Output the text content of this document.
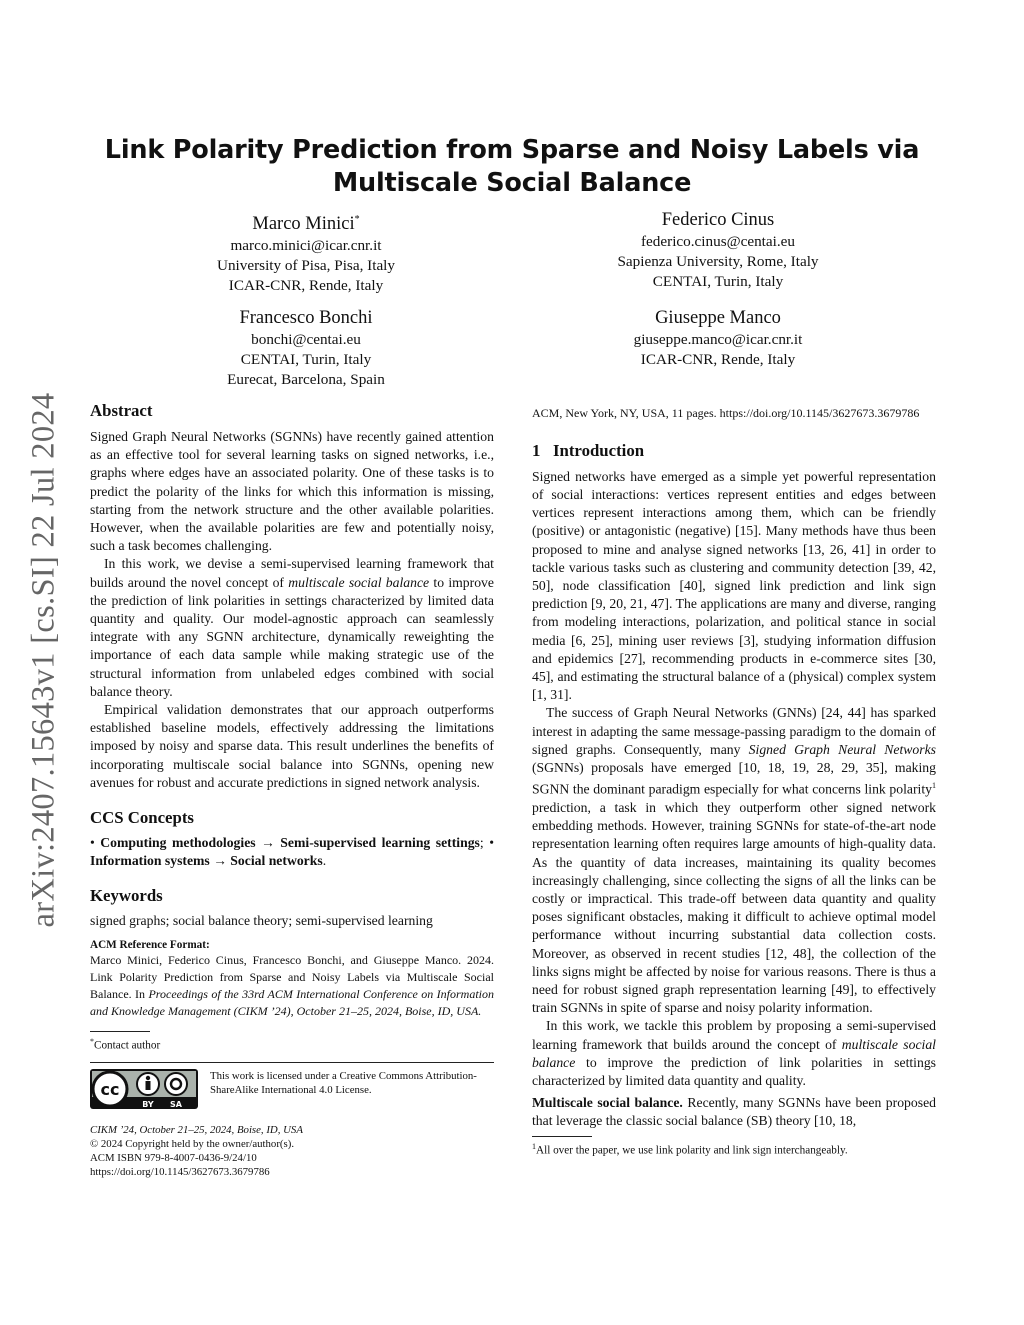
arXiv:2407.15643v1 [cs.SI] 22 Jul 2024
Link Polarity Prediction from Sparse and Noisy Labels via
Multiscale Social Balance
Marco Minici*
marco.minici@icar.cnr.it
University of Pisa, Pisa, Italy
ICAR-CNR, Rende, Italy
Federico Cinus
federico.cinus@centai.eu
Sapienza University, Rome, Italy
CENTAI, Turin, Italy
Francesco Bonchi
bonchi@centai.eu
CENTAI, Turin, Italy
Eurecat, Barcelona, Spain
Giuseppe Manco
giuseppe.manco@icar.cnr.it
ICAR-CNR, Rende, Italy
Abstract

Signed Graph Neural Networks (SGNNs) have recently gained attention as an effective tool for several learning tasks on signed networks, i.e., graphs where edges have an associated polarity. One of these tasks is to predict the polarity of the links for which this information is missing, starting from the network structure and the other available polarities. However, when the available polarities are few and potentially noisy, such a task becomes challenging.

In this work, we devise a semi-supervised learning framework that builds around the novel concept of multiscale social balance to improve the prediction of link polarities in settings characterized by limited data quantity and quality. Our model-agnostic approach can seamlessly integrate with any SGNN architecture, dynamically reweighting the importance of each data sample while making strategic use of the structural information from unlabeled edges combined with social balance theory.

Empirical validation demonstrates that our approach outperforms established baseline models, effectively addressing the limitations imposed by noisy and sparse data. This result underlines the benefits of incorporating multiscale social balance into SGNNs, opening new avenues for robust and accurate predictions in signed network analysis.

CCS Concepts

• Computing methodologies → Semi-supervised learning settings; • Information systems → Social networks.

Keywords

signed graphs; social balance theory; semi-supervised learning

ACM Reference Format:
Marco Minici, Federico Cinus, Francesco Bonchi, and Giuseppe Manco. 2024. Link Polarity Prediction from Sparse and Noisy Labels via Multiscale Social Balance. In Proceedings of the 33rd ACM International Conference on Information and Knowledge Management (CIKM ’24), October 21–25, 2024, Boise, ID, USA.
*Contact author
cc
BY SA
This work is licensed under a Creative Commons Attribution-ShareAlike International 4.0 License.
CIKM ’24, October 21–25, 2024, Boise, ID, USA
© 2024 Copyright held by the owner/author(s).
ACM ISBN 979-8-4007-0436-9/24/10
https://doi.org/10.1145/3627673.3679786
ACM, New York, NY, USA, 11 pages. https://doi.org/10.1145/3627673.3679786
1 Introduction

Signed networks have emerged as a simple yet powerful representation of social interactions: vertices represent entities and edges between vertices represent interactions among them, which can be friendly (positive) or antagonistic (negative) [15]. Many methods have thus been proposed to mine and analyse signed networks [13, 26, 41] in order to tackle various tasks such as clustering and community detection [39, 42, 50], node classification [40], signed link prediction and link sign prediction [9, 20, 21, 47]. The applications are many and diverse, ranging from modeling interactions, polarization, and political stance in social media [6, 25], mining user reviews [3], studying information diffusion and epidemics [27], recommending products in e-commerce sites [30, 45], and estimating the structural balance of a (physical) complex system [1, 31].

The success of Graph Neural Networks (GNNs) [24, 44] has sparked interest in adapting the same message-passing paradigm to the domain of signed graphs. Consequently, many Signed Graph Neural Networks (SGNNs) proposals have emerged [10, 18, 19, 28, 29, 35], making SGNN the dominant paradigm especially for what concerns link polarity$^1$ prediction, a task in which they outperform other signed network embedding methods. However, training SGNNs for state-of-the-art node representation learning often requires large amounts of high-quality data. As the quantity of data increases, maintaining its quality becomes increasingly challenging, since collecting the signs of all the links can be costly or impractical. This trade-off between data quantity and quality poses significant obstacles, making it difficult to achieve optimal model performance without incurring substantial data collection costs. Moreover, as observed in recent studies [12, 48], the collection of the links signs might be affected by noise for various reasons. There is thus a need for robust signed graph representation learning [49], to effectively train SGNNs in spite of sparse and noisy polarity information.

In this work, we tackle this problem by proposing a semi-supervised learning framework that builds around the concept of multiscale social balance to improve the prediction of link polarities in settings characterized by limited data quantity and quality.

Multiscale social balance. Recently, many SGNNs have been proposed that leverage the classic social balance (SB) theory [10, 18,

$^1$All over the paper, we use link polarity and link sign interchangeably.
